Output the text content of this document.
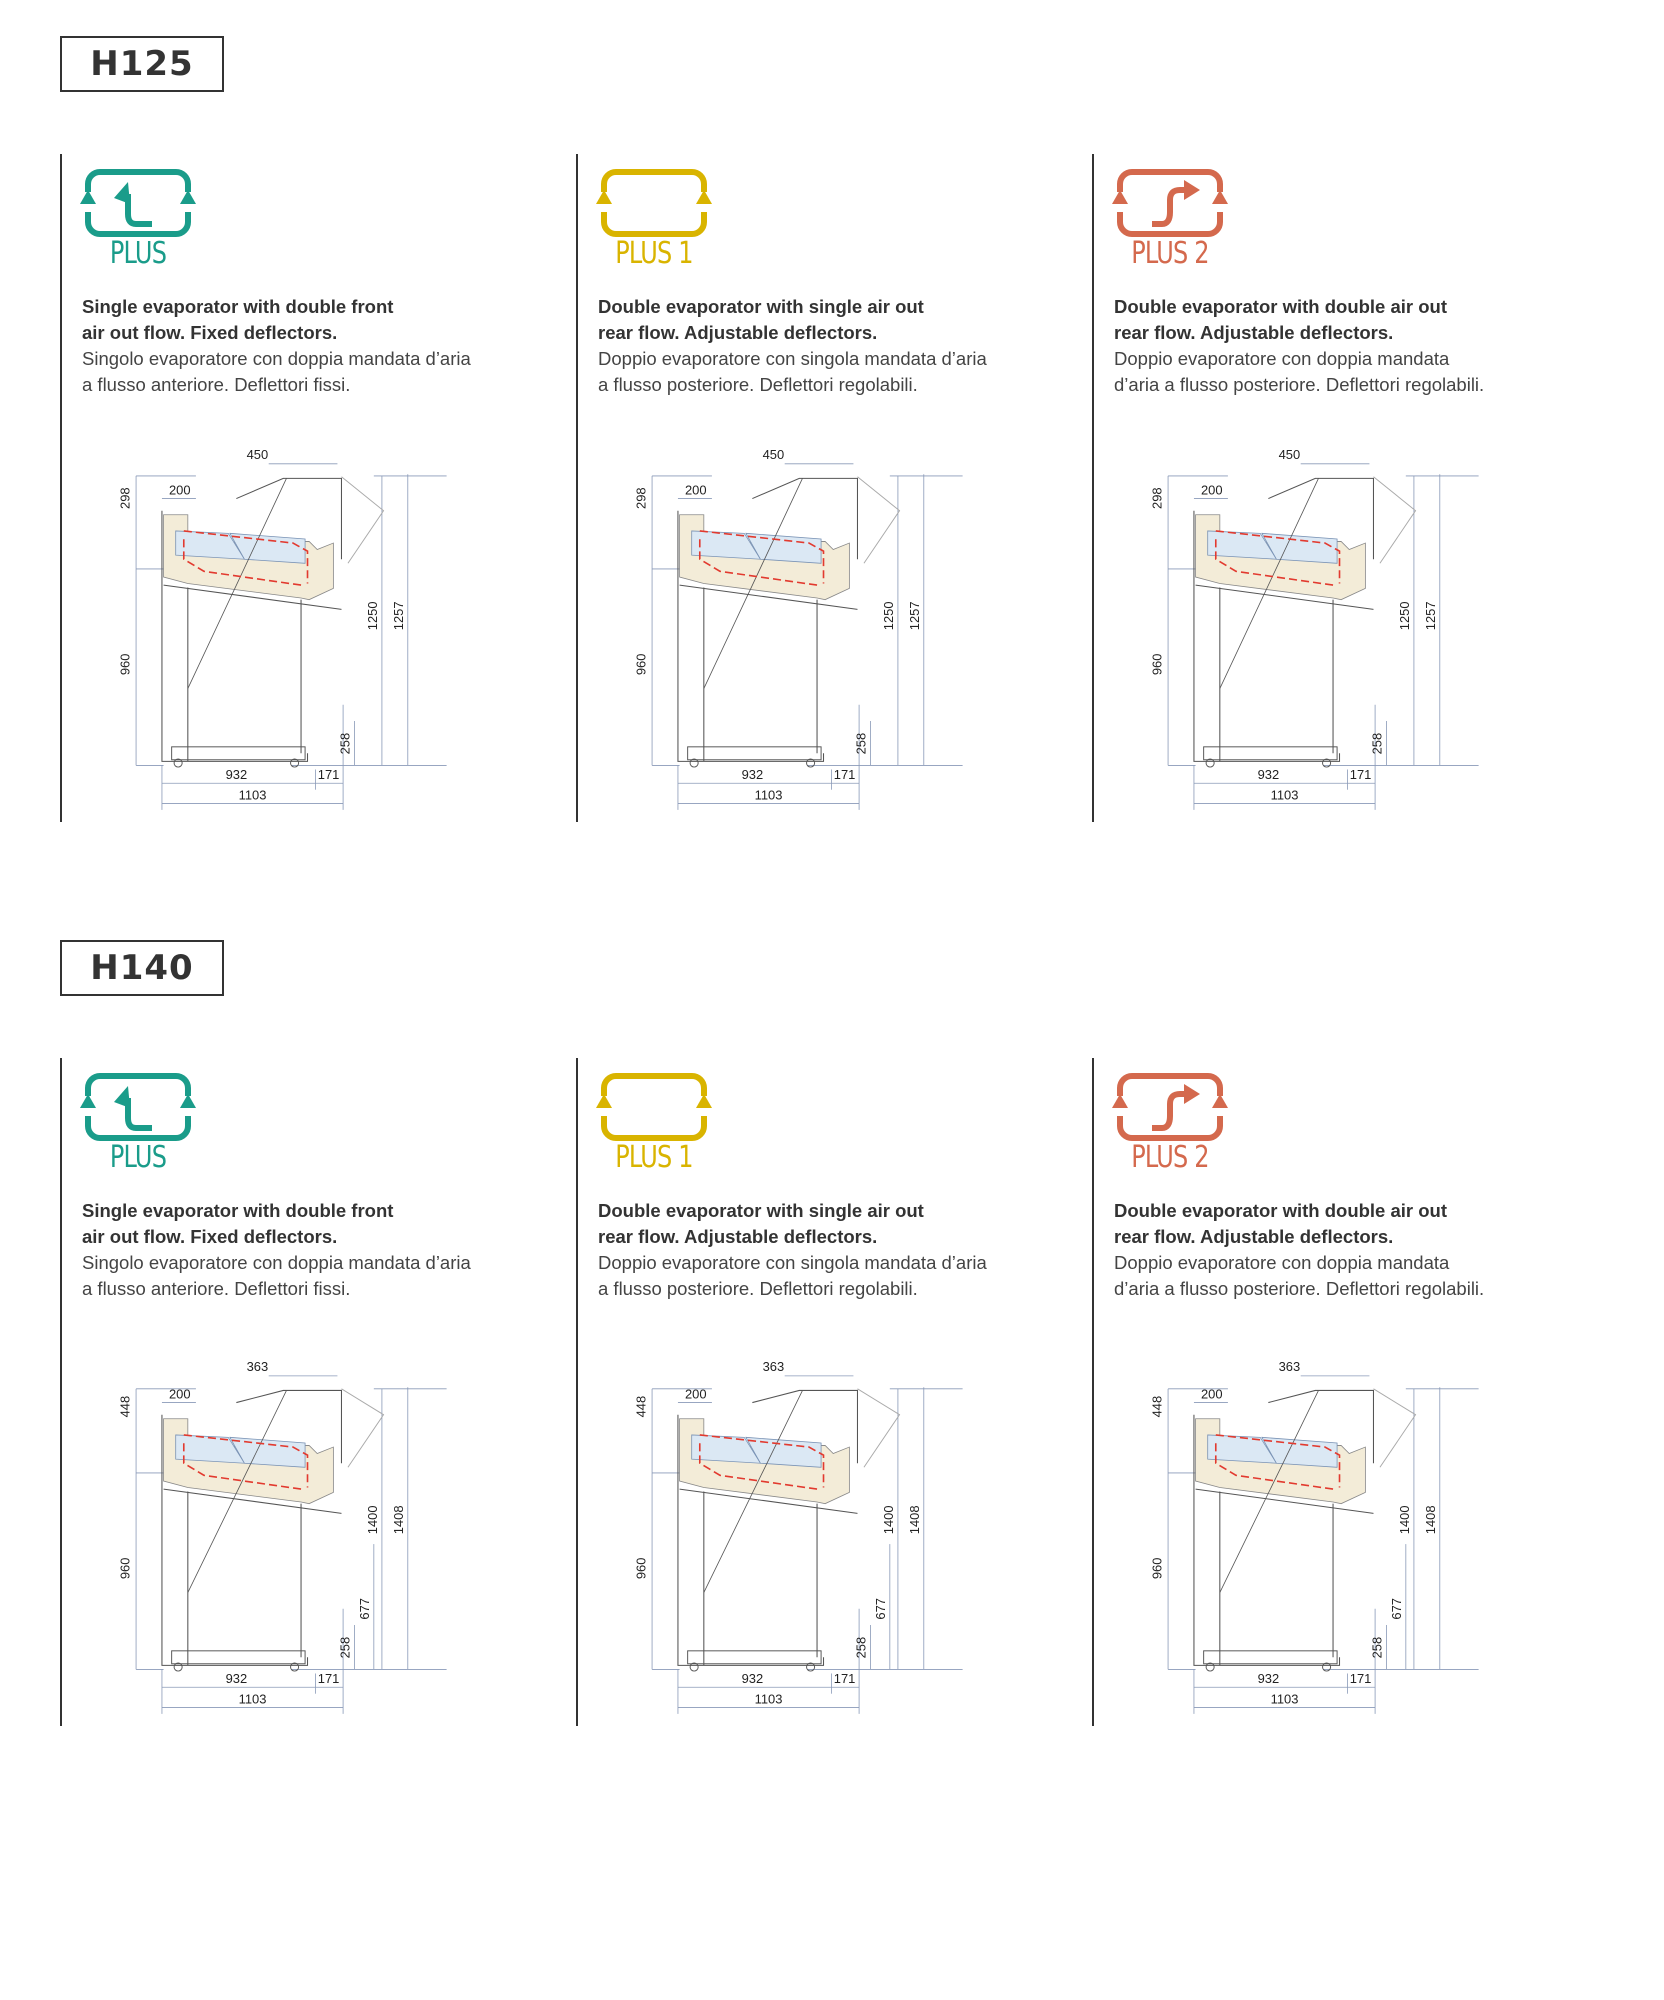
H125
PLUS
Single evaporator with double front
air out flow. Fixed deflectors.
Singolo evaporatore con doppia mandata d’aria
a flusso anteriore. Deflettori fissi.
450
298 200
960
1250 1257
258
932	171
1103
PLUS 1
Double evaporator with single air out
rear flow. Adjustable deflectors.
Doppio evaporatore con singola mandata d’aria
a flusso posteriore. Deflettori regolabili.
450
298 200
960
1250 1257
258
932	171
1103
PLUS 2
Double evaporator with double air out
rear flow. Adjustable deflectors.
Doppio evaporatore con doppia mandata
d’aria a flusso posteriore. Deflettori regolabili.
450
298 200
960
1250 1257
258
932	171
1103
H140
PLUS
Single evaporator with double front
air out flow. Fixed deflectors.
Singolo evaporatore con doppia mandata d’aria
a flusso anteriore. Deflettori fissi.
363
448
200
960
1400 1408
258
677
932	171
1103
PLUS 1
Double evaporator with single air out
rear flow. Adjustable deflectors.
Doppio evaporatore con singola mandata d’aria
a flusso posteriore. Deflettori regolabili.
363
448
200
960
1400 1408
258
677
932	171
1103
PLUS 2
Double evaporator with double air out
rear flow. Adjustable deflectors.
Doppio evaporatore con doppia mandata
d’aria a flusso posteriore. Deflettori regolabili.
363
448
200
960
1400 1408
258
677
932	171
1103
